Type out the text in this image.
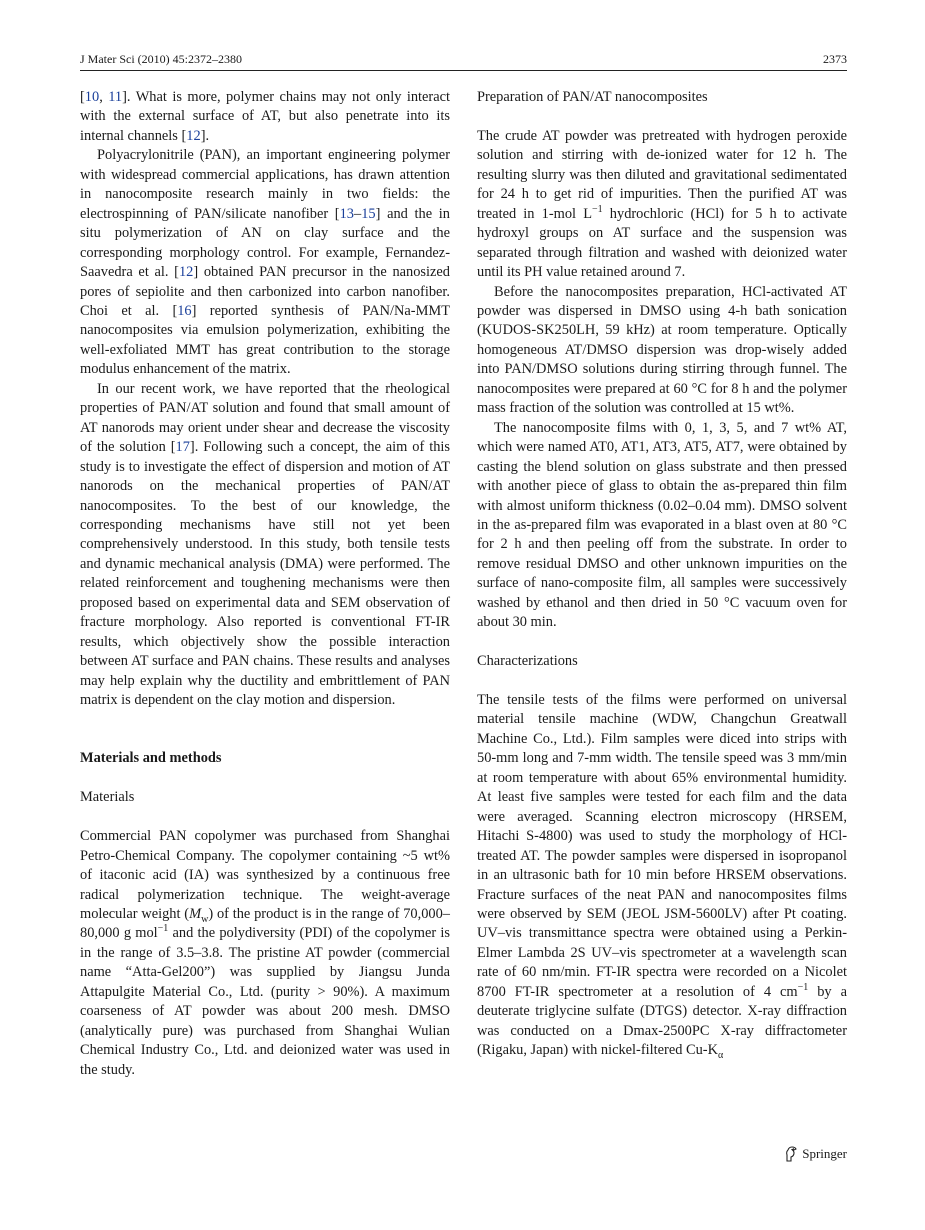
J Mater Sci (2010) 45:2372–2380	2373

[10, 11]. What is more, polymer chains may not only interact with the external surface of AT, but also penetrate into its internal channels [12].

Polyacrylonitrile (PAN), an important engineering polymer with widespread commercial applications, has drawn attention in nanocomposite research mainly in two fields: the electrospinning of PAN/silicate nanofiber [13–15] and the in situ polymerization of AN on clay surface and the corresponding morphology control. For example, Fernandez-Saavedra et al. [12] obtained PAN precursor in the nanosized pores of sepiolite and then carbonized into carbon nanofiber. Choi et al. [16] reported synthesis of PAN/Na-MMT nanocomposites via emulsion polymerization, exhibiting the well-exfoliated MMT has great contribution to the storage modulus enhancement of the matrix.

In our recent work, we have reported that the rheological properties of PAN/AT solution and found that small amount of AT nanorods may orient under shear and decrease the viscosity of the solution [17]. Following such a concept, the aim of this study is to investigate the effect of dispersion and motion of AT nanorods on the mechanical properties of PAN/AT nanocomposites. To the best of our knowledge, the corresponding mechanisms have still not yet been comprehensively understood. In this study, both tensile tests and dynamic mechanical analysis (DMA) were performed. The related reinforcement and toughening mechanisms were then proposed based on experimental data and SEM observation of fracture morphology. Also reported is conventional FT-IR results, which objectively show the possible interaction between AT surface and PAN chains. These results and analyses may help explain why the ductility and embrittlement of PAN matrix is dependent on the clay motion and dispersion.

Materials and methods

Materials

Commercial PAN copolymer was purchased from Shanghai Petro-Chemical Company. The copolymer containing ~5 wt% of itaconic acid (IA) was synthesized by a continuous free radical polymerization technique. The weight-average molecular weight $(M_w)$ of the product is in the range of 70,000–80,000 g mol$^{-1}$ and the polydiversity (PDI) of the copolymer is in the range of 3.5–3.8. The pristine AT powder (commercial name “Atta-Gel200”) was supplied by Jiangsu Junda Attapulgite Material Co., Ltd. (purity > 90%). A maximum coarseness of AT powder was about 200 mesh. DMSO (analytically pure) was purchased from Shanghai Wulian Chemical Industry Co., Ltd. and deionized water was used in the study.

Preparation of PAN/AT nanocomposites

The crude AT powder was pretreated with hydrogen peroxide solution and stirring with de-ionized water for 12 h. The resulting slurry was then diluted and gravitational sedimentated for 24 h to get rid of impurities. Then the purified AT was treated in 1-mol $L^{-1}$ hydrochloric (HCl) for 5 h to activate hydroxyl groups on AT surface and the suspension was separated through filtration and washed with deionized water until its PH value retained around 7.

Before the nanocomposites preparation, HCl-activated AT powder was dispersed in DMSO using 4-h bath sonication (KUDOS-SK250LH, 59 kHz) at room temperature. Optically homogeneous AT/DMSO dispersion was drop-wisely added into PAN/DMSO solutions during stirring through funnel. The nanocomposites were prepared at 60 °C for 8 h and the polymer mass fraction of the solution was controlled at 15 wt%.

The nanocomposite films with 0, 1, 3, 5, and 7 wt% AT, which were named AT0, AT1, AT3, AT5, AT7, were obtained by casting the blend solution on glass substrate and then pressed with another piece of glass to obtain the as-prepared thin film with almost uniform thickness (0.02–0.04 mm). DMSO solvent in the as-prepared film was evaporated in a blast oven at 80 °C for 2 h and then peeling off from the substrate. In order to remove residual DMSO and other unknown impurities on the surface of nano-composite film, all samples were successively washed by ethanol and then dried in 50 °C vacuum oven for about 30 min.

Characterizations

The tensile tests of the films were performed on universal material tensile machine (WDW, Changchun Greatwall Machine Co., Ltd.). Film samples were diced into strips with 50-mm long and 7-mm width. The tensile speed was 3 mm/min at room temperature with about 65% environmental humidity. At least five samples were tested for each film and the data were averaged. Scanning electron microscopy (HRSEM, Hitachi S-4800) was used to study the morphology of HCl-treated AT. The powder samples were dispersed in isopropanol in an ultrasonic bath for 10 min before HRSEM observations. Fracture surfaces of the neat PAN and nanocomposites films were observed by SEM (JEOL JSM-5600LV) after Pt coating. UV–vis transmittance spectra were obtained using a Perkin-Elmer Lambda 2S UV–vis spectrometer at a wavelength scan rate of 60 nm/min. FT-IR spectra were recorded on a Nicolet 8700 FT-IR spectrometer at a resolution of 4 $cm^{-1}$ by a deuterate triglycine sulfate (DTGS) detector. X-ray diffraction was conducted on a Dmax-2500PC X-ray diffractometer (Rigaku, Japan) with nickel-filtered $Cu-K_\alpha$

Springer
